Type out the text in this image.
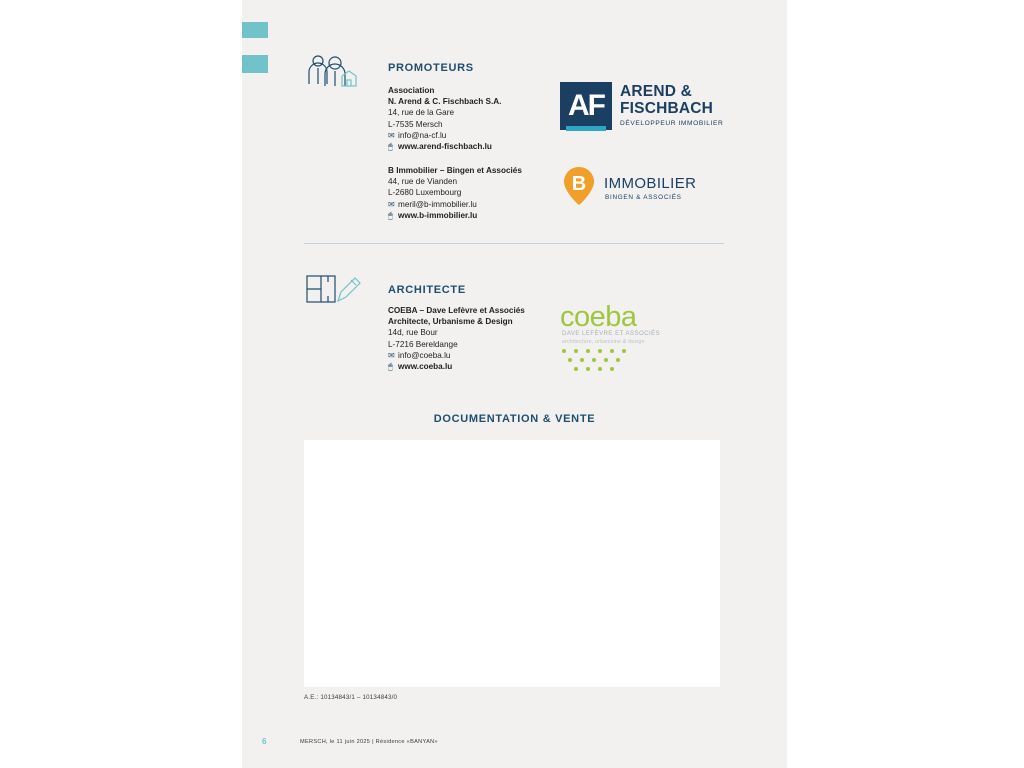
PROMOTEURS
Association
N. Arend & C. Fischbach S.A.
14, rue de la Gare
L-7535 Mersch
✉ info@na-cf.lu
🖱 www.arend-fischbach.lu
B Immobilier – Bingen et Associés
44, rue de Vianden
L-2680 Luxembourg
✉ meril@b-immobilier.lu
🖱 www.b-immobilier.lu
AF	AREND &
FISCHBACH
DÉVELOPPEUR IMMOBILIER
B IMMOBILIER
BINGEN & ASSOCIÉS
ARCHITECTE
COEBA – Dave Lefèvre et Associés
Architecte, Urbanisme & Design
14d, rue Bour
L-7216 Bereldange
✉ info@coeba.lu
🖱 www.coeba.lu
coeba
DAVE LEFÈVRE ET ASSOCIÉS
architecture, urbanisme & design
DOCUMENTATION & VENTE
A.E.: 10134843/1 – 10134843/0
6	MERSCH, le 11 juin 2025 | Résidence «BANYAN»
